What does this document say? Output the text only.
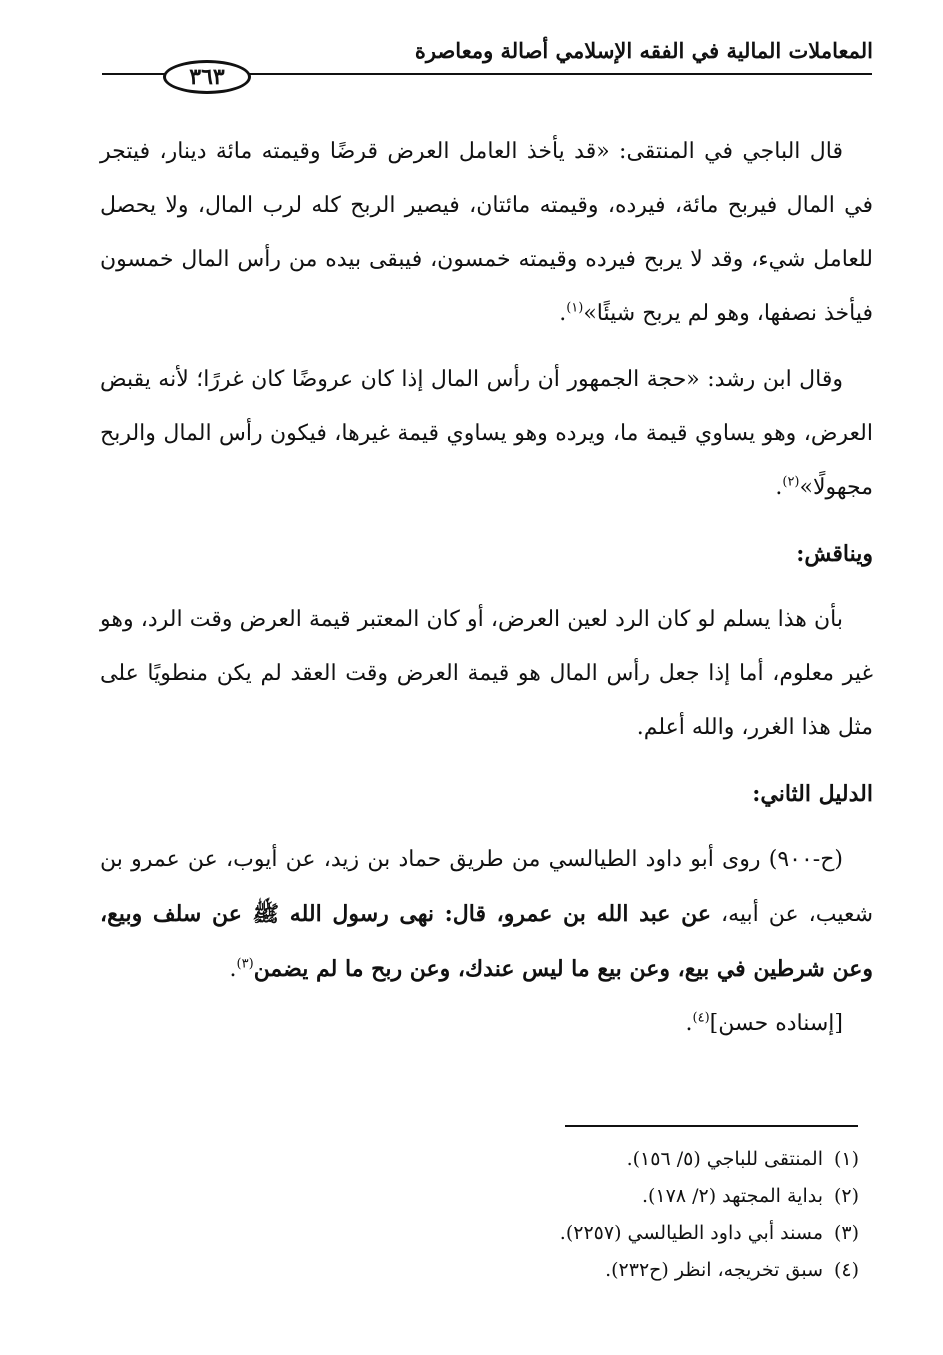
المعاملات المالية في الفقه الإسلامي أصالة ومعاصرة
٣٦٣

قال الباجي في المنتقى: «قد يأخذ العامل العرض قرضًا وقيمته مائة دينار، فيتجر في المال فيربح مائة، فيرده، وقيمته مائتان، فيصير الربح كله لرب المال، ولا يحصل للعامل شيء، وقد لا يربح فيرده وقيمته خمسون، فيبقى بيده من رأس المال خمسون فيأخذ نصفها، وهو لم يربح شيئًا»$^{(١)}$.

وقال ابن رشد: «حجة الجمهور أن رأس المال إذا كان عروضًا كان غررًا؛ لأنه يقبض العرض، وهو يساوي قيمة ما، ويرده وهو يساوي قيمة غيرها، فيكون رأس المال والربح مجهولًا»$^{(٢)}$.

ويناقش:

بأن هذا يسلم لو كان الرد لعين العرض، أو كان المعتبر قيمة العرض وقت الرد، وهو غير معلوم، أما إذا جعل رأس المال هو قيمة العرض وقت العقد لم يكن منطويًا على مثل هذا الغرر، والله أعلم.

الدليل الثاني:

(ح-٩٠٠) روى أبو داود الطيالسي من طريق حماد بن زيد، عن أيوب، عن عمرو بن شعيب، عن أبيه، عن عبد الله بن عمرو، قال: نهى رسول الله ﷺ عن سلف وبيع، وعن شرطين في بيع، وعن بيع ما ليس عندك، وعن ربح ما لم يضمن$^{(٣)}$.

[إسناده حسن]$^{(٤)}$.

(١)المنتقى للباجي (٥/ ١٥٦).
(٢)بداية المجتهد (٢/ ١٧٨).
(٣)مسند أبي داود الطيالسي (٢٢٥٧).
(٤)سبق تخريجه، انظر (ح٢٣٢).
